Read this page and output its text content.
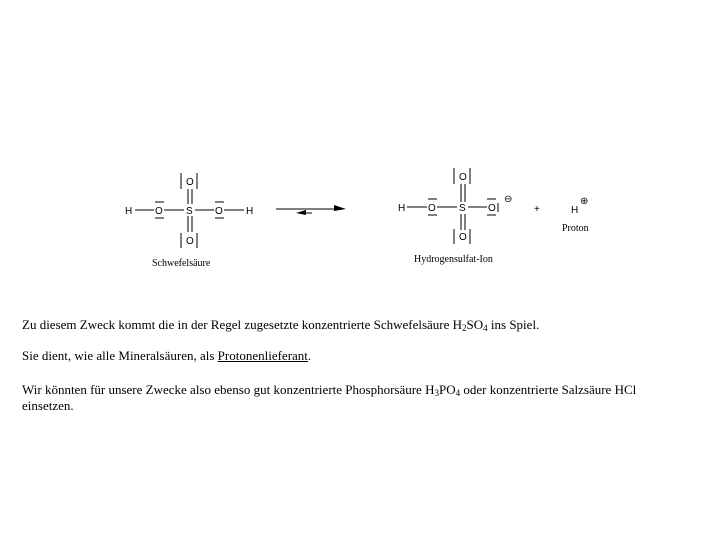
O
H O S O H
O
Schwefelsäure
O
H O S O
⊖
O
Hydrogensulfat-Ion
+	H
⊕
Proton

Zu diesem Zweck kommt die in der Regel zugesetzte konzentrierte Schwefelsäure $H_2SO_4$ ins Spiel.

Sie dient, wie alle Mineralsäuren, als Protonenlieferant.

Wir könnten für unsere Zwecke also ebenso gut konzentrierte Phosphorsäure $H_3PO_4$ oder konzentrierte Salzsäure HCl einsetzen.
